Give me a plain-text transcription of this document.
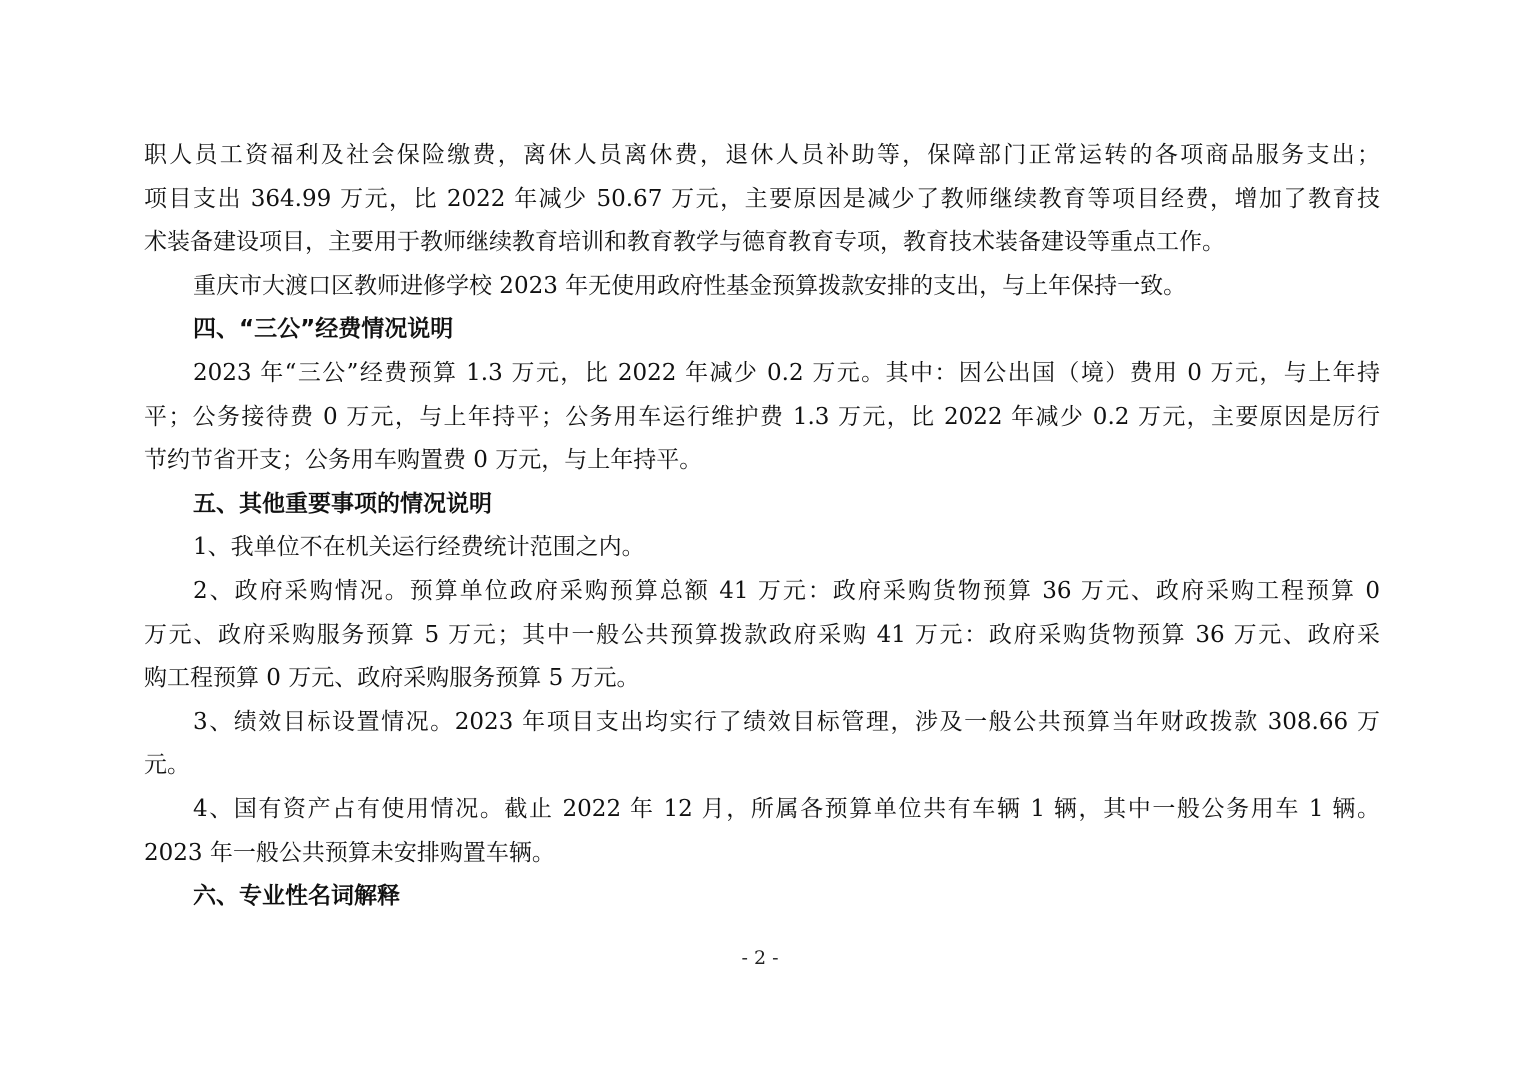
职人员工资福利及社会保险缴费，离休人员离休费，退休人员补助等，保障部门正常运转的各项商品服务支出；
项目支出 364.99 万元，比 2022 年减少 50.67 万元，主要原因是减少了教师继续教育等项目经费，增加了教育技
术装备建设项目，主要用于教师继续教育培训和教育教学与德育教育专项，教育技术装备建设等重点工作。
重庆市大渡口区教师进修学校 2023 年无使用政府性基金预算拨款安排的支出，与上年保持一致。
四、“三公”经费情况说明
2023 年“三公”经费预算 1.3 万元，比 2022 年减少 0.2 万元。其中：因公出国（境）费用 0 万元，与上年持
平；公务接待费 0 万元，与上年持平；公务用车运行维护费 1.3 万元，比 2022 年减少 0.2 万元，主要原因是厉行
节约节省开支；公务用车购置费 0 万元，与上年持平。
五、其他重要事项的情况说明
1、我单位不在机关运行经费统计范围之内。
2、政府采购情况。预算单位政府采购预算总额 41 万元：政府采购货物预算 36 万元、政府采购工程预算 0
万元、政府采购服务预算 5 万元；其中一般公共预算拨款政府采购 41 万元：政府采购货物预算 36 万元、政府采
购工程预算 0 万元、政府采购服务预算 5 万元。
3、绩效目标设置情况。2023 年项目支出均实行了绩效目标管理，涉及一般公共预算当年财政拨款 308.66 万
元。
4、国有资产占有使用情况。截止 2022 年 12 月，所属各预算单位共有车辆 1 辆，其中一般公务用车 1 辆。
2023 年一般公共预算未安排购置车辆。
六、专业性名词解释
- 2 -
